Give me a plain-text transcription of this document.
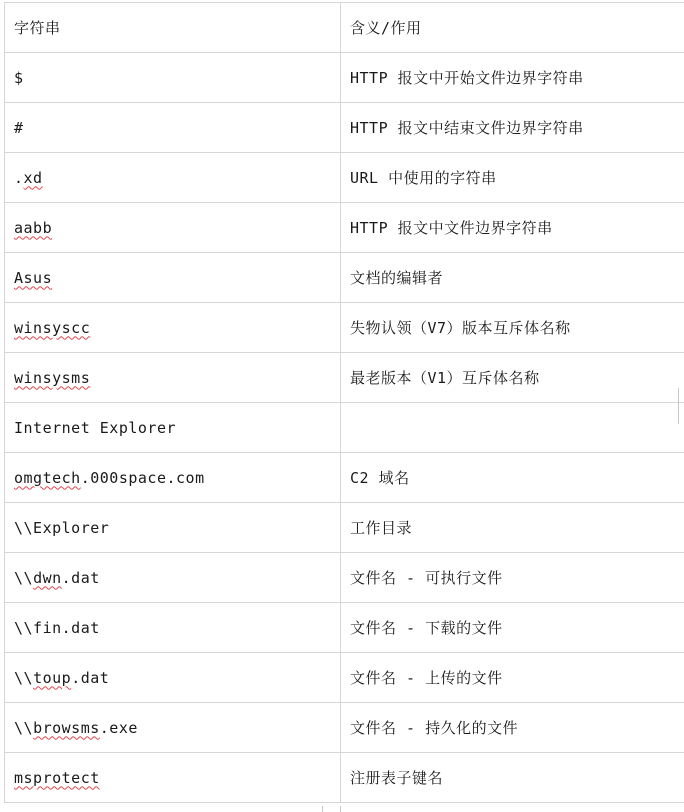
字符串	含义/作用
$	HTTP 报文中开始文件边界字符串
#	HTTP 报文中结束文件边界字符串
.xd	URL 中使用的字符串
aabb	HTTP 报文中文件边界字符串
Asus	文档的编辑者
winsyscc	失物认领（V7）版本互斥体名称
winsysms	最老版本（V1）互斥体名称
Internet Explorer	
omgtech.000space.com	C2 域名
\\Explorer	工作目录
\\dwn.dat	文件名 - 可执行文件
\\fin.dat	文件名 - 下载的文件
\\toup.dat	文件名 - 上传的文件
\\browsms.exe	文件名 - 持久化的文件
msprotect	注册表子键名
